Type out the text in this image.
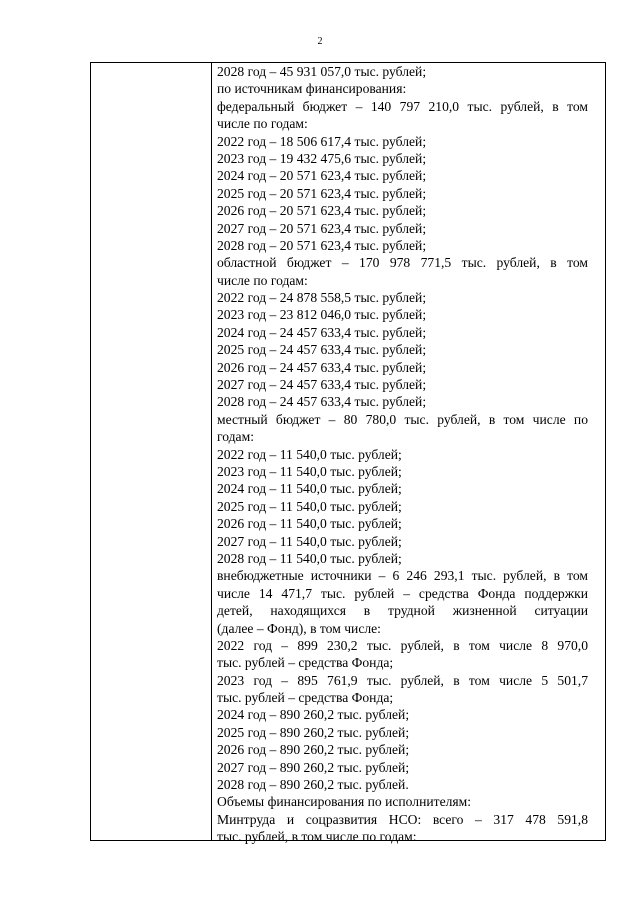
2
2028 год – 45 931 057,0 тыс. рублей;
по источникам финансирования:
федеральный бюджет – 140 797 210,0 тыс. рублей, в том
числе по годам:
2022 год – 18 506 617,4 тыс. рублей;
2023 год – 19 432 475,6 тыс. рублей;
2024 год – 20 571 623,4 тыс. рублей;
2025 год – 20 571 623,4 тыс. рублей;
2026 год – 20 571 623,4 тыс. рублей;
2027 год – 20 571 623,4 тыс. рублей;
2028 год – 20 571 623,4 тыс. рублей;
областной бюджет – 170 978 771,5 тыс. рублей, в том
числе по годам:
2022 год – 24 878 558,5 тыс. рублей;
2023 год – 23 812 046,0 тыс. рублей;
2024 год – 24 457 633,4 тыс. рублей;
2025 год – 24 457 633,4 тыс. рублей;
2026 год – 24 457 633,4 тыс. рублей;
2027 год – 24 457 633,4 тыс. рублей;
2028 год – 24 457 633,4 тыс. рублей;
местный бюджет – 80 780,0 тыс. рублей, в том числе по
годам:
2022 год – 11 540,0 тыс. рублей;
2023 год – 11 540,0 тыс. рублей;
2024 год – 11 540,0 тыс. рублей;
2025 год – 11 540,0 тыс. рублей;
2026 год – 11 540,0 тыс. рублей;
2027 год – 11 540,0 тыс. рублей;
2028 год – 11 540,0 тыс. рублей;
внебюджетные источники – 6 246 293,1 тыс. рублей, в том
числе 14 471,7 тыс. рублей – средства Фонда поддержки
детей, находящихся в трудной жизненной ситуации
(далее – Фонд), в том числе:
2022 год – 899 230,2 тыс. рублей, в том числе 8 970,0
тыс. рублей – средства Фонда;
2023 год – 895 761,9 тыс. рублей, в том числе 5 501,7
тыс. рублей – средства Фонда;
2024 год – 890 260,2 тыс. рублей;
2025 год – 890 260,2 тыс. рублей;
2026 год – 890 260,2 тыс. рублей;
2027 год – 890 260,2 тыс. рублей;
2028 год – 890 260,2 тыс. рублей.
Объемы финансирования по исполнителям:
Минтруда и соцразвития НСО: всего – 317 478 591,8
тыс. рублей, в том числе по годам:
